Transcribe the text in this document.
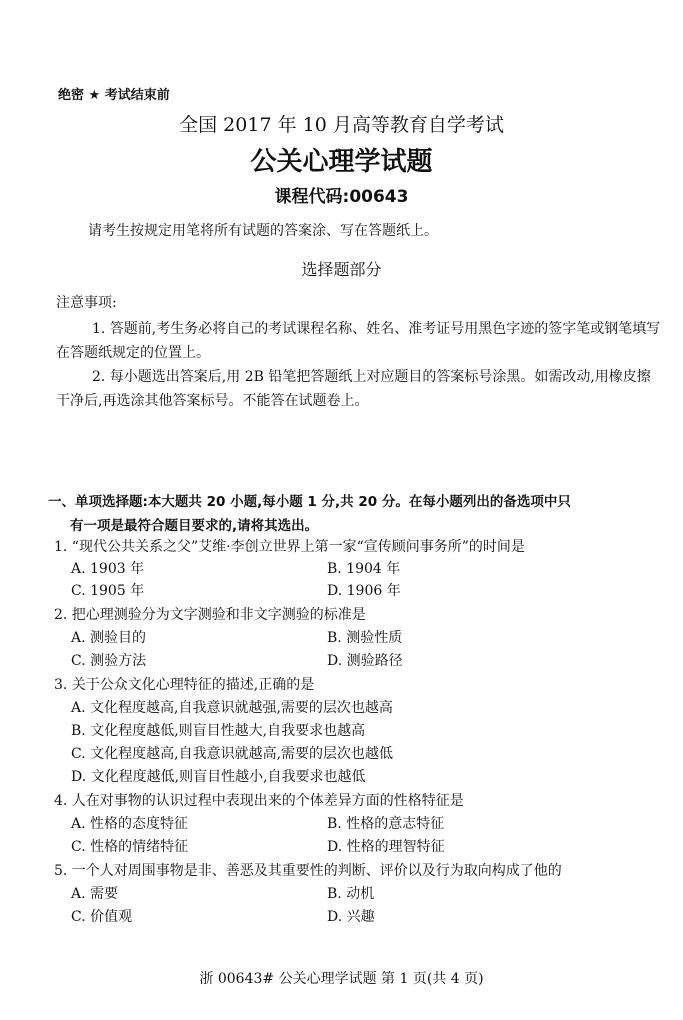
绝密 ★ 考试结束前
全国 2017 年 10 月高等教育自学考试
公关心理学试题
课程代码:00643
请考生按规定用笔将所有试题的答案涂、写在答题纸上。
选择题部分
注意事项:
1. 答题前,考生务必将自己的考试课程名称、姓名、准考证号用黑色字迹的签字笔或钢笔填写
在答题纸规定的位置上。
2. 每小题选出答案后,用 2B 铅笔把答题纸上对应题目的答案标号涂黑。如需改动,用橡皮擦
干净后,再选涂其他答案标号。不能答在试题卷上。
一、单项选择题:本大题共 20 小题,每小题 1 分,共 20 分。在每小题列出的备选项中只
有一项是最符合题目要求的,请将其选出。
1. “现代公共关系之父”艾维·李创立世界上第一家“宣传顾问事务所”的时间是
A. 1903 年	B. 1904 年
C. 1905 年	D. 1906 年
2. 把心理测验分为文字测验和非文字测验的标准是
A. 测验目的	B. 测验性质
C. 测验方法	D. 测验路径
3. 关于公众文化心理特征的描述,正确的是
A. 文化程度越高,自我意识就越强,需要的层次也越高
B. 文化程度越低,则盲目性越大,自我要求也越高
C. 文化程度越高,自我意识就越高,需要的层次也越低
D. 文化程度越低,则盲目性越小,自我要求也越低
4. 人在对事物的认识过程中表现出来的个体差异方面的性格特征是
A. 性格的态度特征	B. 性格的意志特征
C. 性格的情绪特征	D. 性格的理智特征
5. 一个人对周围事物是非、善恶及其重要性的判断、评价以及行为取向构成了他的
A. 需要	B. 动机
C. 价值观	D. 兴趣
浙 00643# 公关心理学试题 第 1 页(共 4 页)
